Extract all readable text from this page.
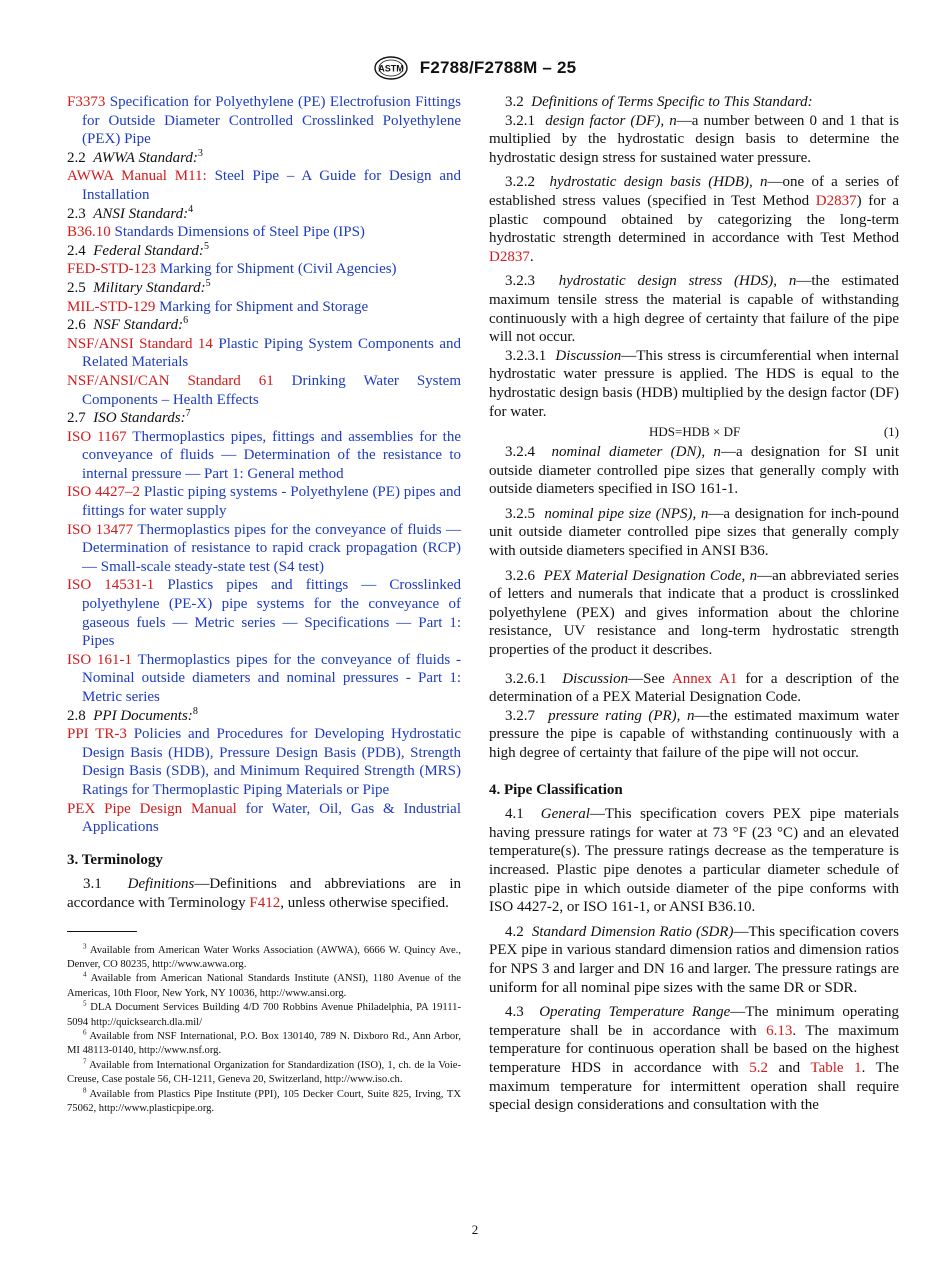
ASTM F2788/F2788M – 25

F3373 Specification for Polyethylene (PE) Electrofusion Fittings for Outside Diameter Controlled Crosslinked Polyethylene (PEX) Pipe

2.2 AWWA Standard:$^3$

AWWA Manual M11: Steel Pipe – A Guide for Design and Installation

2.3 ANSI Standard:$^4$

B36.10 Standards Dimensions of Steel Pipe (IPS)

2.4 Federal Standard:$^5$

FED-STD-123 Marking for Shipment (Civil Agencies)

2.5 Military Standard:$^5$

MIL-STD-129 Marking for Shipment and Storage

2.6 NSF Standard:$^6$

NSF/ANSI Standard 14 Plastic Piping System Components and Related Materials

NSF/ANSI/CAN Standard 61 Drinking Water System Components – Health Effects

2.7 ISO Standards:$^7$

ISO 1167 Thermoplastics pipes, fittings and assemblies for the conveyance of fluids — Determination of the resistance to internal pressure — Part 1: General method

ISO 4427–2 Plastic piping systems - Polyethylene (PE) pipes and fittings for water supply

ISO 13477 Thermoplastics pipes for the conveyance of fluids — Determination of resistance to rapid crack propagation (RCP) — Small-scale steady-state test (S4 test)

ISO 14531-1 Plastics pipes and fittings — Crosslinked polyethylene (PE-X) pipe systems for the conveyance of gaseous fuels — Metric series — Specifications — Part 1: Pipes

ISO 161-1 Thermoplastics pipes for the conveyance of fluids - Nominal outside diameters and nominal pressures - Part 1: Metric series

2.8 PPI Documents:$^8$

PPI TR-3 Policies and Procedures for Developing Hydrostatic Design Basis (HDB), Pressure Design Basis (PDB), Strength Design Basis (SDB), and Minimum Required Strength (MRS) Ratings for Thermoplastic Piping Materials or Pipe

PEX Pipe Design Manual for Water, Oil, Gas & Industrial Applications

3. Terminology

3.1 Definitions—Definitions and abbreviations are in accordance with Terminology F412, unless otherwise specified.

$^3$ Available from American Water Works Association (AWWA), 6666 W. Quincy Ave., Denver, CO 80235, http://www.awwa.org.

$^4$ Available from American National Standards Institute (ANSI), 1180 Avenue of the Americas, 10th Floor, New York, NY 10036, http://www.ansi.org.

$^5$ DLA Document Services Building 4/D 700 Robbins Avenue Philadelphia, PA 19111-5094 http://quicksearch.dla.mil/

$^6$ Available from NSF International, P.O. Box 130140, 789 N. Dixboro Rd., Ann Arbor, MI 48113-0140, http://www.nsf.org.

$^7$ Available from International Organization for Standardization (ISO), 1, ch. de la Voie-Creuse, Case postale 56, CH-1211, Geneva 20, Switzerland, http://www.iso.ch.

$^8$ Available from Plastics Pipe Institute (PPI), 105 Decker Court, Suite 825, Irving, TX 75062, http://www.plasticpipe.org.

3.2 Definitions of Terms Specific to This Standard:

3.2.1 design factor (DF), n—a number between 0 and 1 that is multiplied by the hydrostatic design basis to determine the hydrostatic design stress for sustained water pressure.

3.2.2 hydrostatic design basis (HDB), n—one of a series of established stress values (specified in Test Method D2837) for a plastic compound obtained by categorizing the long-term hydrostatic strength determined in accordance with Test Method D2837.

3.2.3 hydrostatic design stress (HDS), n—the estimated maximum tensile stress the material is capable of withstanding continuously with a high degree of certainty that failure of the pipe will not occur.

3.2.3.1 Discussion—This stress is circumferential when internal hydrostatic water pressure is applied. The HDS is equal to the hydrostatic design basis (HDB) multiplied by the design factor (DF) for water.

HDS=HDB × DF	(1)

3.2.4 nominal diameter (DN), n—a designation for SI unit outside diameter controlled pipe sizes that generally comply with outside diameters specified in ISO 161-1.

3.2.5 nominal pipe size (NPS), n—a designation for inch-pound unit outside diameter controlled pipe sizes that generally comply with outside diameters specified in ANSI B36.

3.2.6 PEX Material Designation Code, n—an abbreviated series of letters and numerals that indicate that a product is crosslinked polyethylene (PEX) and gives information about the chlorine resistance, UV resistance and long-term hydrostatic strength properties of the product it describes.

3.2.6.1 Discussion—See Annex A1 for a description of the determination of a PEX Material Designation Code.

3.2.7 pressure rating (PR), n—the estimated maximum water pressure the pipe is capable of withstanding continuously with a high degree of certainty that failure of the pipe will not occur.

4. Pipe Classification

4.1 General—This specification covers PEX pipe materials having pressure ratings for water at 73 °F (23 °C) and an elevated temperature(s). The pressure ratings decrease as the temperature is increased. Plastic pipe denotes a particular diameter schedule of plastic pipe in which outside diameter of the pipe conforms with ISO 4427-2, or ISO 161-1, or ANSI B36.10.

4.2 Standard Dimension Ratio (SDR)—This specification covers PEX pipe in various standard dimension ratios and dimension ratios for NPS 3 and larger and DN 16 and larger. The pressure ratings are uniform for all nominal pipe sizes with the same DR or SDR.

4.3 Operating Temperature Range—The minimum operating temperature shall be in accordance with 6.13. The maximum temperature for continuous operation shall be based on the highest temperature HDS in accordance with 5.2 and Table 1. The maximum temperature for intermittent operation shall require special design considerations and consultation with the

2
